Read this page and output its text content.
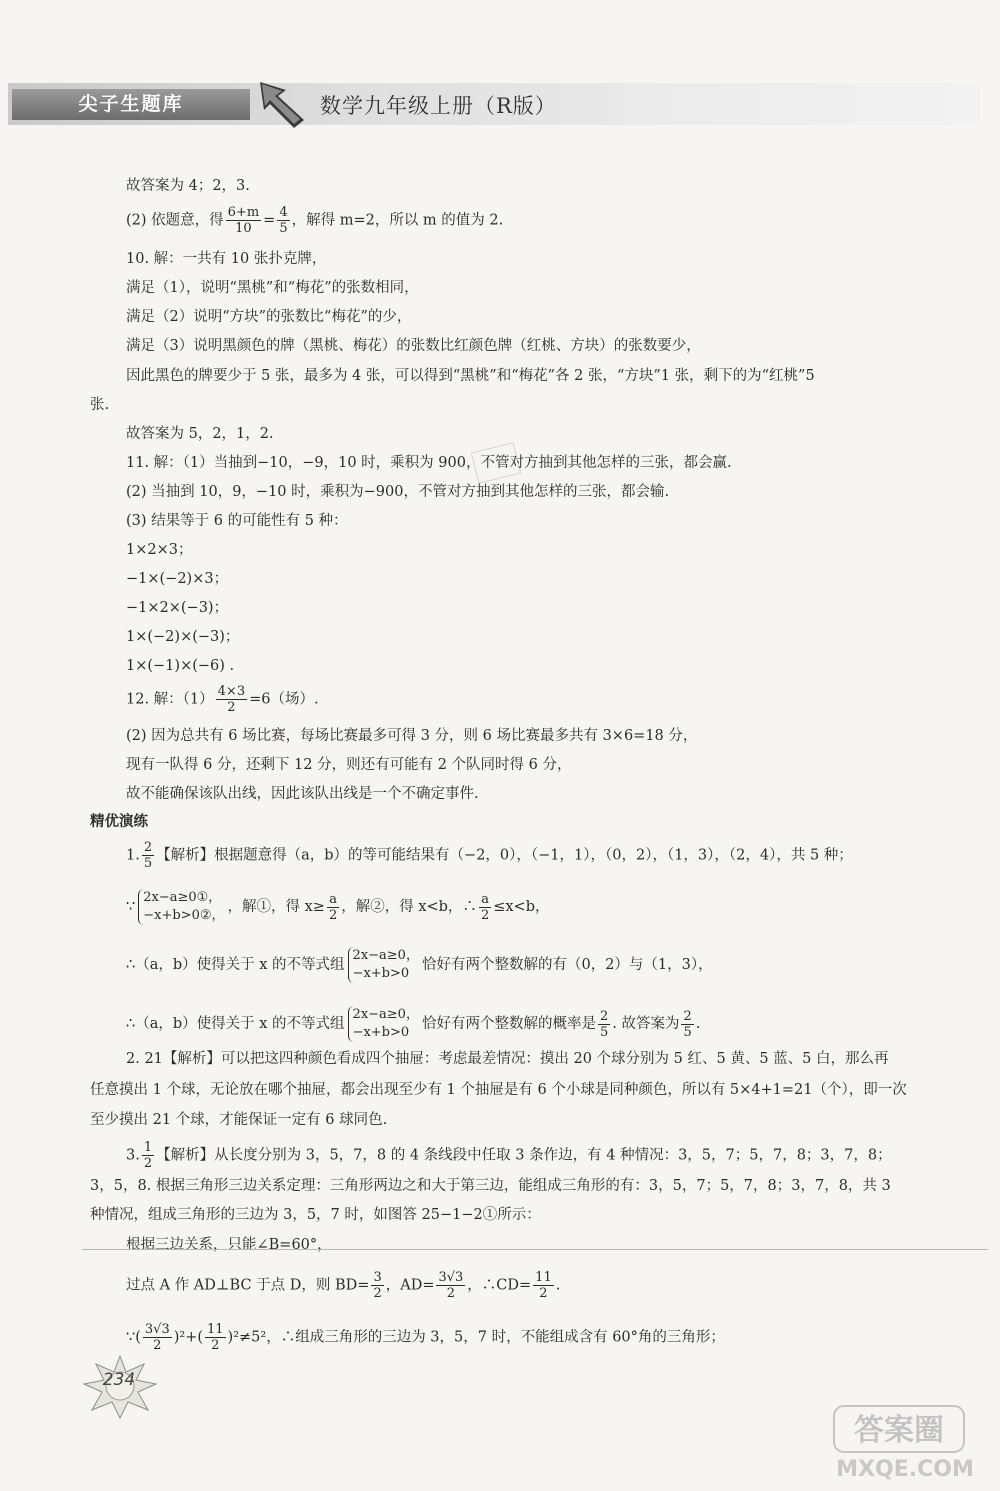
尖子生题库	数学九年级上册（R版）
故答案为 4；2，3.
(2) 依题意，得 $\frac{6+m}{10} = \frac{4}{5}$ ，解得 m=2，所以 m 的值为 2.
10. 解：一共有 10 张扑克牌，
满足（1），说明“黑桃”和“梅花”的张数相同，
满足（2）说明“方块”的张数比“梅花”的少，
满足（3）说明黑颜色的牌（黑桃、梅花）的张数比红颜色牌（红桃、方块）的张数要少，
因此黑色的牌要少于 5 张，最多为 4 张，可以得到“黑桃”和“梅花”各 2 张，“方块”1 张，剩下的为“红桃”5
张.
故答案为 5，2，1，2.
11. 解：（1）当抽到−10，−9，10 时，乘积为 900，不管对方抽到其他怎样的三张，都会赢.
(2) 当抽到 10，9，−10 时，乘积为−900，不管对方抽到其他怎样的三张，都会输.
(3) 结果等于 6 的可能性有 5 种：
1×2×3；
−1×(−2)×3；
−1×2×(−3)；
1×(−2)×(−3)；
1×(−1)×(−6) .
12. 解：$(1) \frac{4\times 3}{2} =6$（场）.
(2) 因为总共有 6 场比赛，每场比赛最多可得 3 分，则 6 场比赛最多共有 3×6=18 分，
现有一队得 6 分，还剩下 12 分，则还有可能有 2 个队同时得 6 分，
故不能确保该队出线，因此该队出线是一个不确定事件.
精优演练
1. $\frac{2}{5}$ 【解析】根据题意得（a，b）的等可能结果有（−2，0），（−1，1），（0，2），（1，3），（2，4），共 5 种；
∵
2x−a≥0①，
−x+b>0②，
，解①，得 $x\ge \frac{a}{2}$ ，解②，得 x<b，∴ $\frac{a}{2} \le x<b$，
∴（a，b）使得关于 x 的不等式组
2x−a≥0，
−x+b>0
恰好有两个整数解的有（0，2）与（1，3），
∴（a，b）使得关于 x 的不等式组
2x−a≥0，
−x+b>0
恰好有两个整数解的概率是 $\frac{2}{5}$ . 故答案为 $\frac{2}{5}$ .
2. 21【解析】可以把这四种颜色看成四个抽屉：考虑最差情况：摸出 20 个球分别为 5 红、5 黄、5 蓝、5 白，那么再
任意摸出 1 个球，无论放在哪个抽屉，都会出现至少有 1 个抽屉是有 6 个小球是同种颜色，所以有 5×4+1=21（个），即一次
至少摸出 21 个球，才能保证一定有 6 球同色.
3. $\frac{1}{2}$ 【解析】从长度分别为 3，5，7，8 的 4 条线段中任取 3 条作边，有 4 种情况：3，5，7；5，7，8；3，7，8；
3，5，8. 根据三角形三边关系定理：三角形两边之和大于第三边，能组成三角形的有：3，5，7；5，7，8；3，7，8，共 3
种情况，组成三角形的三边为 3，5，7 时，如图答 25−1−2①所示：
根据三边关系，只能∠B=60°，
过点 A 作 AD⊥BC 于点 D，则 $BD= \frac{3}{2}$ ，$AD= \frac{3√3}{2}$ ，∴CD= $\frac{11}{2}$ .
∵( $\frac{3√3}{2} )^2+( \frac{11}{2} )^2\ne 5^2$，∴组成三角形的三边为 3，5，7 时，不能组成含有 60°角的三角形；
234
答案圈
MXQE.COM
